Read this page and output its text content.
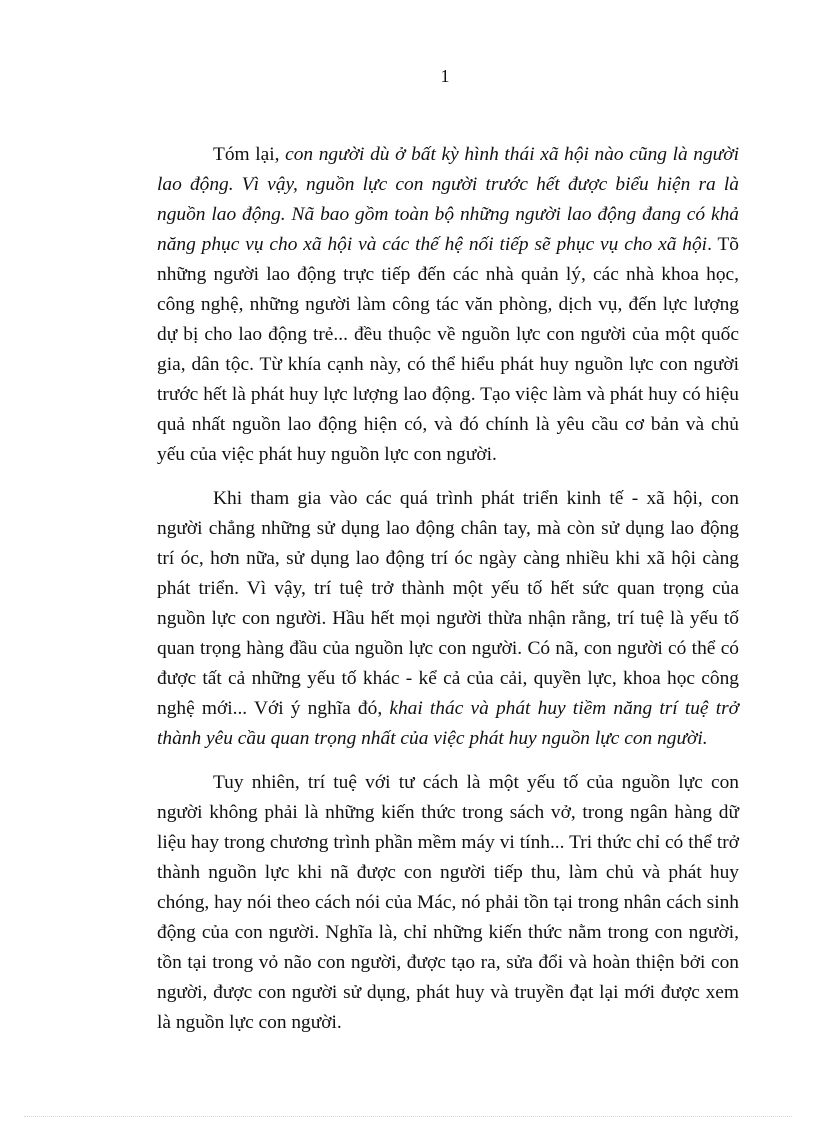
1

Tóm lại, con người dù ở bất kỳ hình thái xã hội nào cũng là người lao động. Vì vậy, nguồn lực con người trước hết được biểu hiện ra là nguồn lao động. Nã bao gồm toàn bộ những người lao động đang có khả năng phục vụ cho xã hội và các thế hệ nối tiếp sẽ phục vụ cho xã hội. Tõ những người lao động trực tiếp đến các nhà quản lý, các nhà khoa học, công nghệ, những người làm công tác văn phòng, dịch vụ, đến lực lượng dự bị cho lao động trẻ... đều thuộc về nguồn lực con người của một quốc gia, dân tộc. Từ khía cạnh này, có thể hiểu phát huy nguồn lực con người trước hết là phát huy lực lượng lao động. Tạo việc làm và phát huy có hiệu quả nhất nguồn lao động hiện có, và đó chính là yêu cầu cơ bản và chủ yếu của việc phát huy nguồn lực con người.

Khi tham gia vào các quá trình phát triển kinh tế - xã hội, con người chẳng những sử dụng lao động chân tay, mà còn sử dụng lao động trí óc, hơn nữa, sử dụng lao động trí óc ngày càng nhiều khi xã hội càng phát triển. Vì vậy, trí tuệ trở thành một yếu tố hết sức quan trọng của nguồn lực con người. Hầu hết mọi người thừa nhận rằng, trí tuệ là yếu tố quan trọng hàng đầu của nguồn lực con người. Có nã, con người có thể có được tất cả những yếu tố khác - kể cả của cải, quyền lực, khoa học công nghệ mới... Với ý nghĩa đó, khai thác và phát huy tiềm năng trí tuệ trở thành yêu cầu quan trọng nhất của việc phát huy nguồn lực con người.

Tuy nhiên, trí tuệ với tư cách là một yếu tố của nguồn lực con người không phải là những kiến thức trong sách vở, trong ngân hàng dữ liệu hay trong chương trình phần mềm máy vi tính... Tri thức chỉ có thể trở thành nguồn lực khi nã được con người tiếp thu, làm chủ và phát huy chóng, hay nói theo cách nói của Mác, nó phải tồn tại trong nhân cách sinh động của con người. Nghĩa là, chỉ những kiến thức nằm trong con người, tồn tại trong vỏ não con người, được tạo ra, sửa đổi và hoàn thiện bởi con người, được con người sử dụng, phát huy và truyền đạt lại mới được xem là nguồn lực con người.
